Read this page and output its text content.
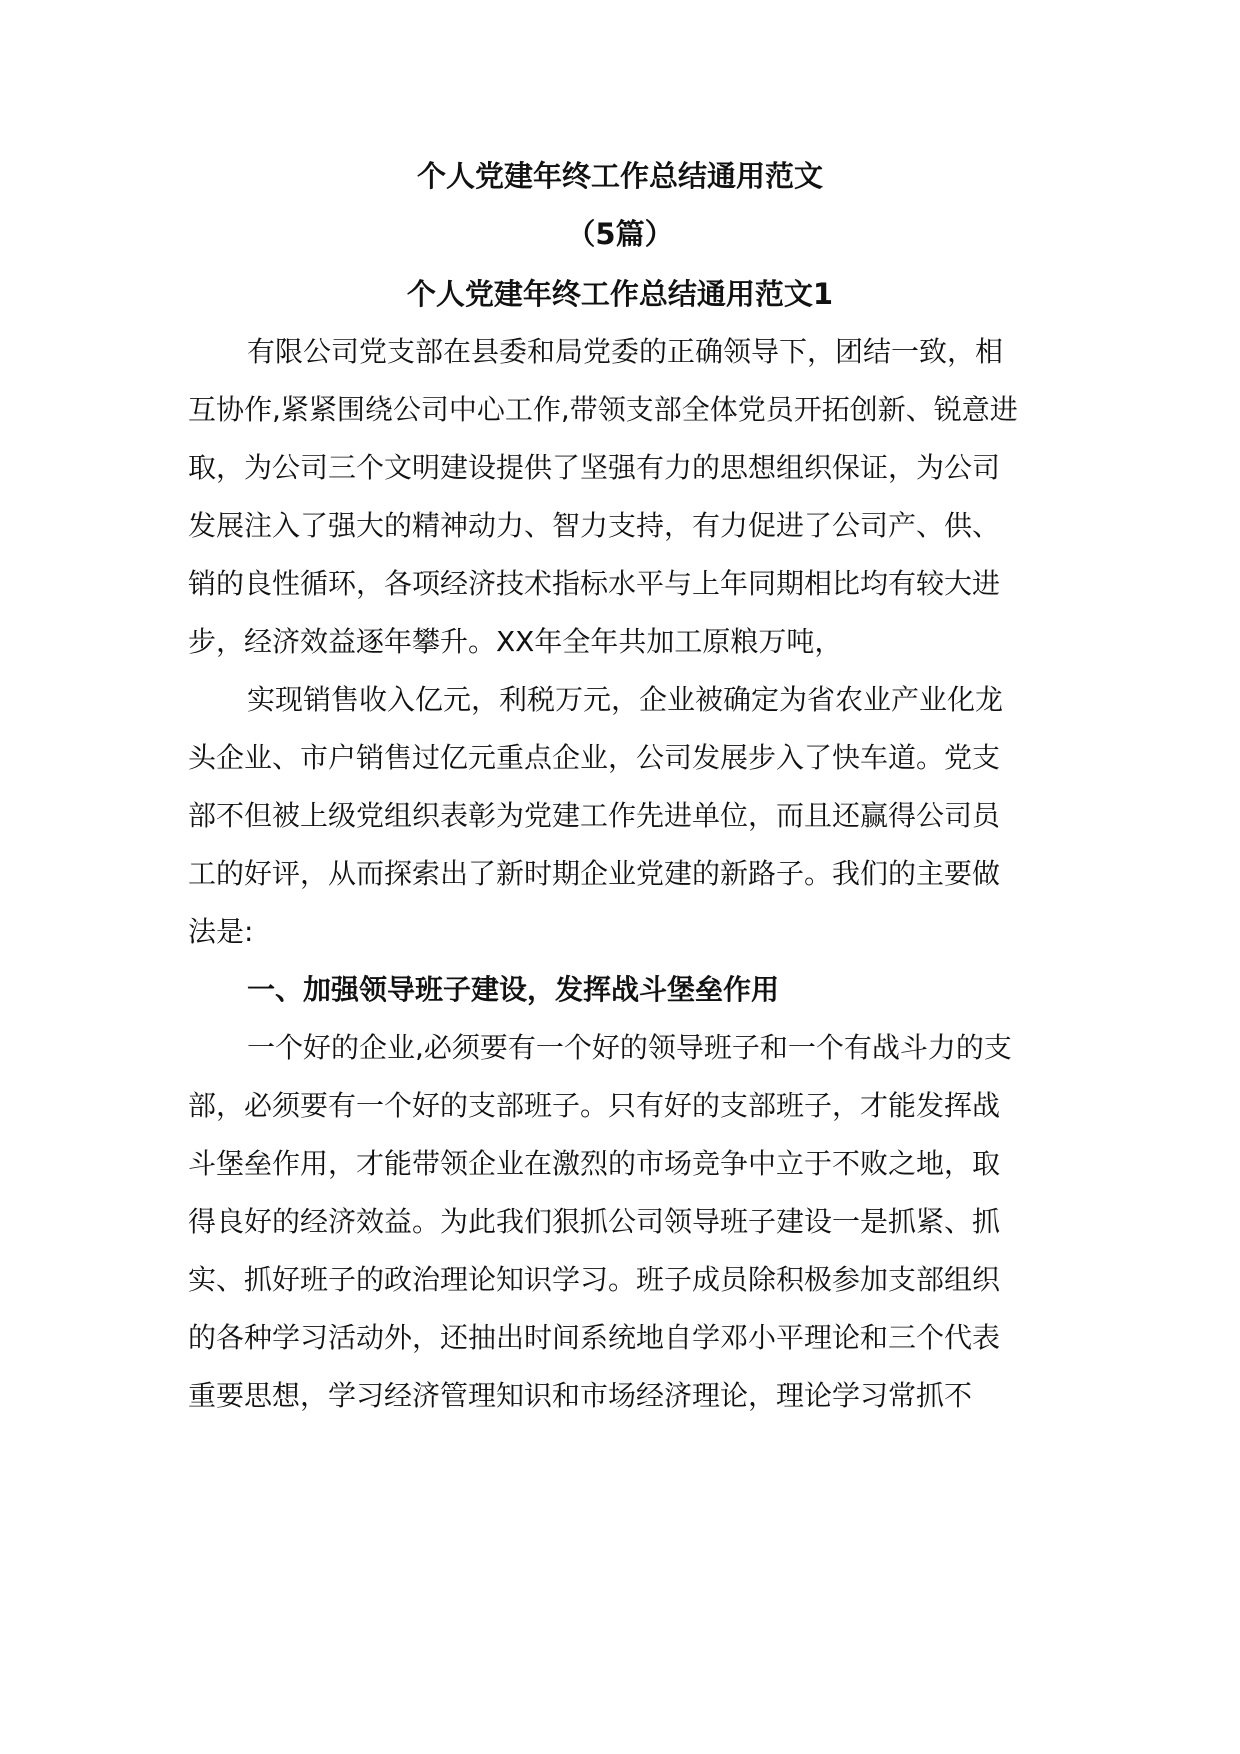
个人党建年终工作总结通用范文
（5篇）
个人党建年终工作总结通用范文1

有限公司党支部在县委和局党委的正确领导下，团结一致，相

互协作,紧紧围绕公司中心工作,带领支部全体党员开拓创新、锐意进

取，为公司三个文明建设提供了坚强有力的思想组织保证，为公司

发展注入了强大的精神动力、智力支持，有力促进了公司产、供、

销的良性循环，各项经济技术指标水平与上年同期相比均有较大进

步，经济效益逐年攀升。XX年全年共加工原粮万吨，

实现销售收入亿元，利税万元，企业被确定为省农业产业化龙

头企业、市户销售过亿元重点企业，公司发展步入了快车道。党支

部不但被上级党组织表彰为党建工作先进单位，而且还赢得公司员

工的好评，从而探索出了新时期企业党建的新路子。我们的主要做

法是:

一、加强领导班子建设，发挥战斗堡垒作用

一个好的企业,必须要有一个好的领导班子和一个有战斗力的支

部，必须要有一个好的支部班子。只有好的支部班子，才能发挥战

斗堡垒作用，才能带领企业在激烈的市场竞争中立于不败之地，取

得良好的经济效益。为此我们狠抓公司领导班子建设一是抓紧、抓

实、抓好班子的政治理论知识学习。班子成员除积极参加支部组织

的各种学习活动外，还抽出时间系统地自学邓小平理论和三个代表

重要思想，学习经济管理知识和市场经济理论，理论学习常抓不
